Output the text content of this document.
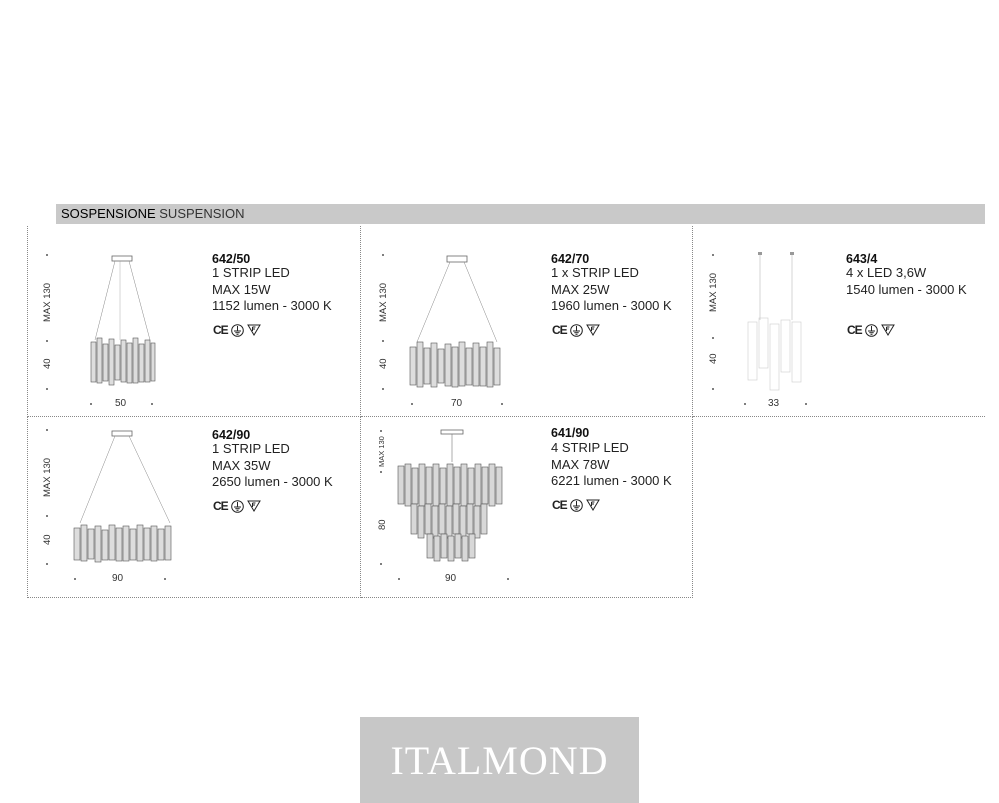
SOSPENSIONE SUSPENSION
642/50
1 STRIP LED
MAX 15W
1152 lumen - 3000 K
CE
MAX 130
40
50
642/70
1 x STRIP LED
MAX 25W
1960 lumen - 3000 K
CE
MAX 130
40
70
643/4
4 x LED 3,6W
1540 lumen - 3000 K
CE
MAX 130
40
33
642/90
1 STRIP LED
MAX 35W
2650 lumen - 3000 K
CE
MAX 130
40
90
641/90
4 STRIP LED
MAX 78W
6221 lumen - 3000 K
CE
MAX 130
80
90
ITALMOND
